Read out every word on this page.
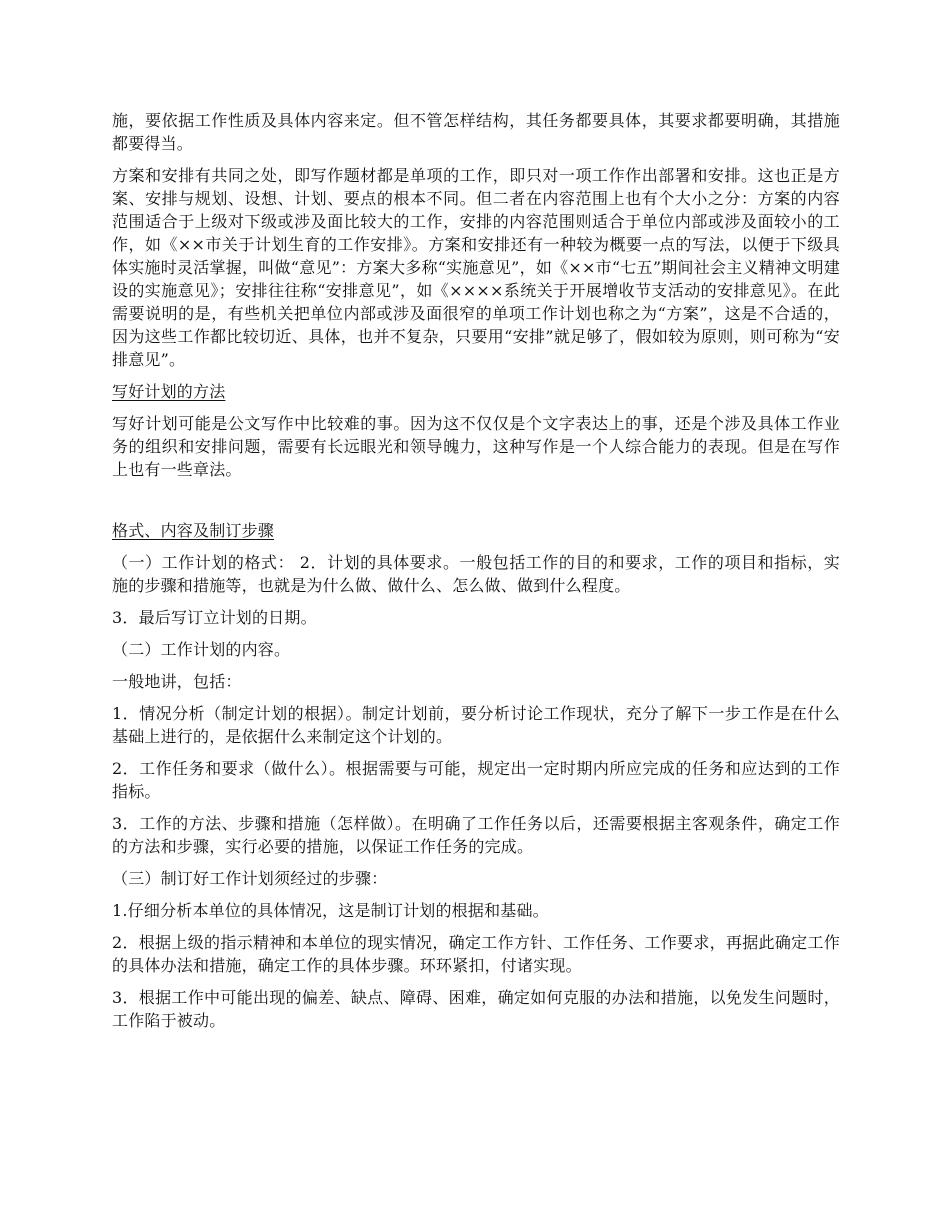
施，要依据工作性质及具体内容来定。但不管怎样结构，其任务都要具体，其要求都要明确，其措施都要得当。

方案和安排有共同之处，即写作题材都是单项的工作，即只对一项工作作出部署和安排。这也正是方案、安排与规划、设想、计划、要点的根本不同。但二者在内容范围上也有个大小之分：方案的内容范围适合于上级对下级或涉及面比较大的工作，安排的内容范围则适合于单位内部或涉及面较小的工作，如《××市关于计划生育的工作安排》。方案和安排还有一种较为概要一点的写法，以便于下级具体实施时灵活掌握，叫做“意见”：方案大多称“实施意见”，如《××市“七五”期间社会主义精神文明建设的实施意见》；安排往往称“安排意见”，如《××××系统关于开展增收节支活动的安排意见》。在此需要说明的是，有些机关把单位内部或涉及面很窄的单项工作计划也称之为“方案”，这是不合适的，因为这些工作都比较切近、具体，也并不复杂，只要用“安排”就足够了，假如较为原则，则可称为“安排意见”。

写好计划的方法

写好计划可能是公文写作中比较难的事。因为这不仅仅是个文字表达上的事，还是个涉及具体工作业务的组织和安排问题，需要有长远眼光和领导魄力，这种写作是一个人综合能力的表现。但是在写作上也有一些章法。

格式、内容及制订步骤

（一）工作计划的格式： 2．计划的具体要求。一般包括工作的目的和要求，工作的项目和指标，实施的步骤和措施等，也就是为什么做、做什么、怎么做、做到什么程度。

3．最后写订立计划的日期。

（二）工作计划的内容。

一般地讲，包括：

1．情况分析（制定计划的根据）。制定计划前，要分析讨论工作现状，充分了解下一步工作是在什么基础上进行的，是依据什么来制定这个计划的。

2．工作任务和要求（做什么）。根据需要与可能，规定出一定时期内所应完成的任务和应达到的工作指标。

3．工作的方法、步骤和措施（怎样做）。在明确了工作任务以后，还需要根据主客观条件，确定工作的方法和步骤，实行必要的措施，以保证工作任务的完成。

（三）制订好工作计划须经过的步骤：

1.仔细分析本单位的具体情况，这是制订计划的根据和基础。

2．根据上级的指示精神和本单位的现实情况，确定工作方针、工作任务、工作要求，再据此确定工作的具体办法和措施，确定工作的具体步骤。环环紧扣，付诸实现。

3．根据工作中可能出现的偏差、缺点、障碍、困难，确定如何克服的办法和措施，以免发生问题时，工作陷于被动。
